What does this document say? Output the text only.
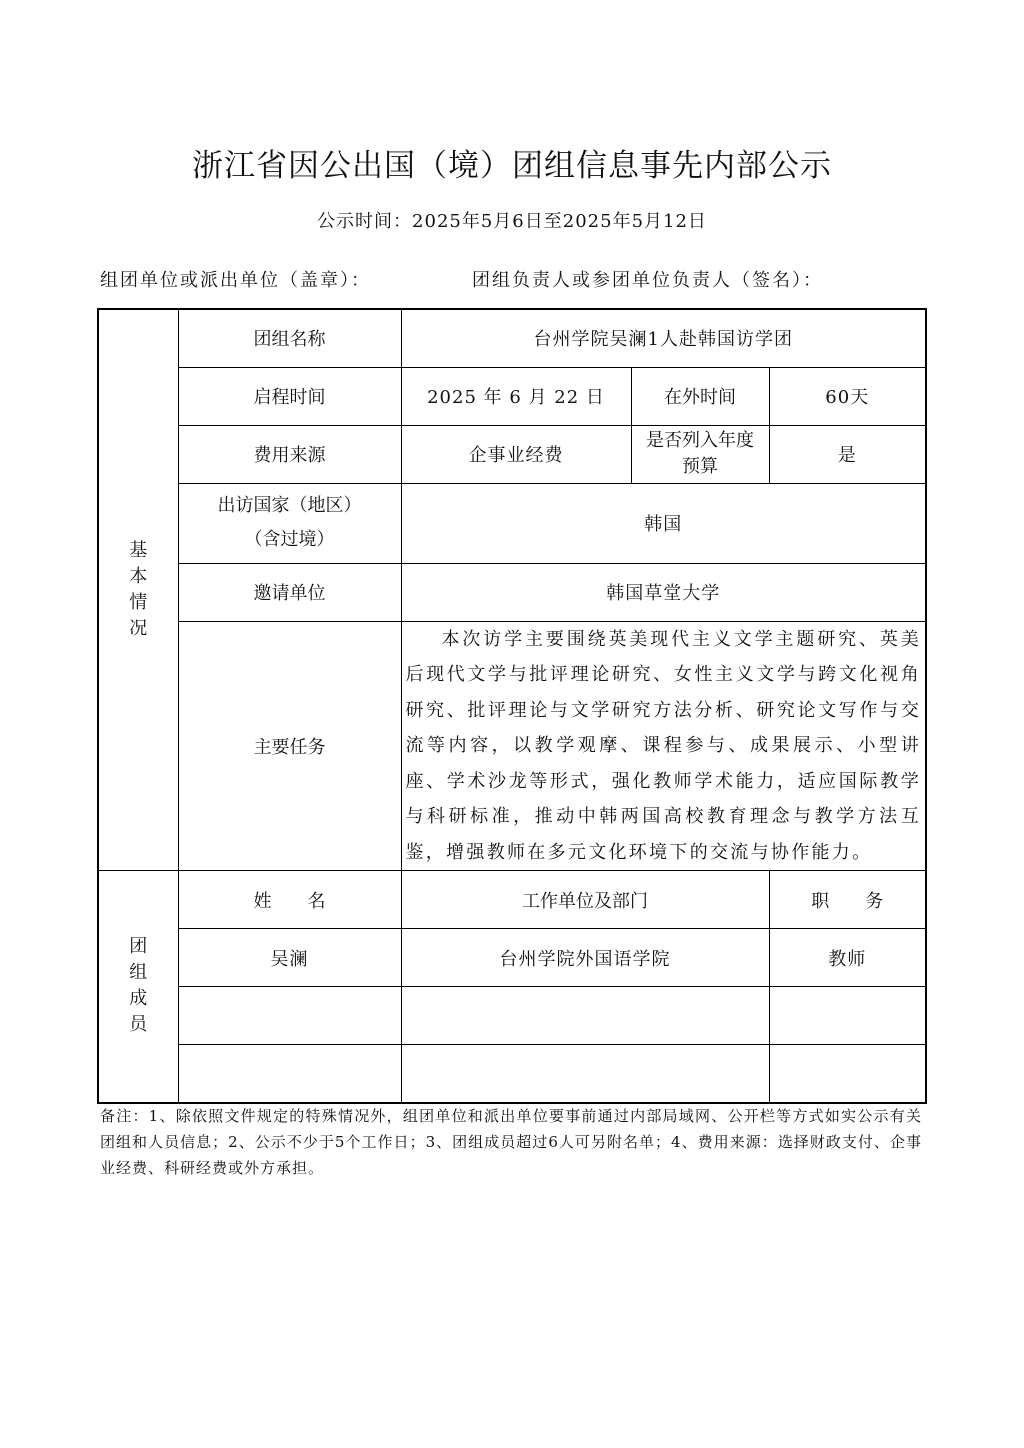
浙江省因公出国（境）团组信息事先内部公示
公示时间：2025年5月6日至2025年5月12日
组团单位或派出单位（盖章）：	团组负责人或参团单位负责人（签名）：
基
本
情
况	团组名称	台州学院吴澜1人赴韩国访学团		
	启程时间	2025 年 6 月 22 日	在外时间	60天
	费用来源	企事业经费	是否列入年度预算	是

	出访国家（地区）
（含过境）	韩国		
	邀请单位	韩国草堂大学		
	主要任务	本次访学主要围绕英美现代主义文学主题研究、英美后现代文学与批评理论研究、女性主义文学与跨文化视角研究、批评理论与文学研究方法分析、研究论文写作与交流等内容，以教学观摩、课程参与、成果展示、小型讲座、学术沙龙等形式，强化教师学术能力，适应国际教学与科研标准，推动中韩两国高校教育理念与教学方法互鉴，增强教师在多元文化环境下的交流与协作能力。		

团
组
成
员	姓　　名	工作单位及部门		职　　务
	吴澜	台州学院外国语学院		教师

备注：1、除依照文件规定的特殊情况外，组团单位和派出单位要事前通过内部局域网、公开栏等方式如实公示有关团组和人员信息；2、公示不少于5个工作日；3、团组成员超过6人可另附名单；4、费用来源：选择财政支付、企事业经费、科研经费或外方承担。
